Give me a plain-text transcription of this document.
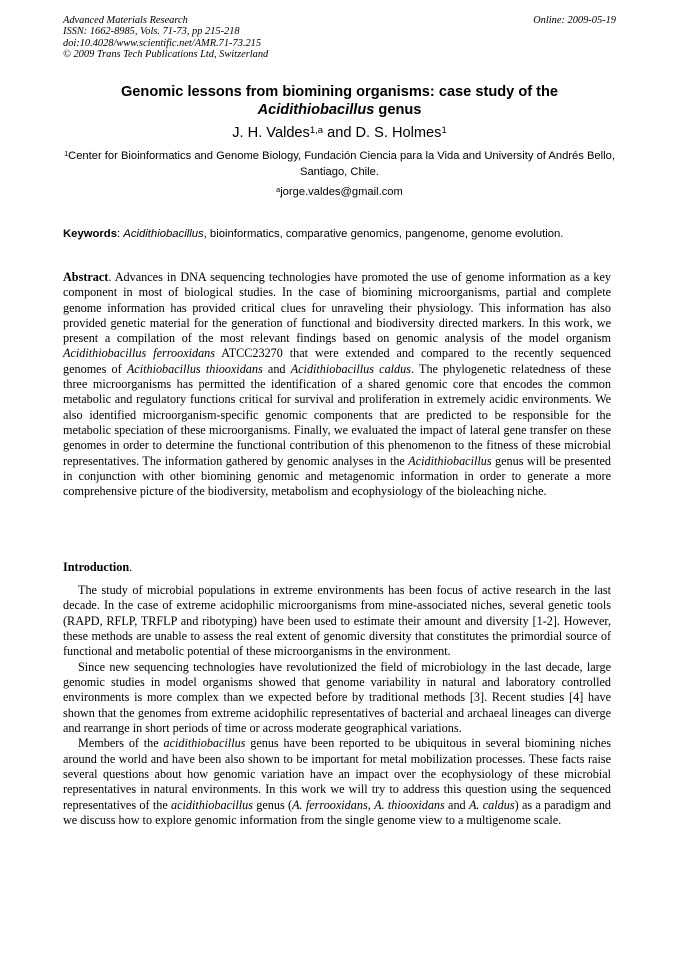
Advanced Materials Research
ISSN: 1662-8985, Vols. 71-73, pp 215-218
doi:10.4028/www.scientific.net/AMR.71-73.215
© 2009 Trans Tech Publications Ltd, Switzerland
Online: 2009-05-19
Genomic lessons from biomining organisms: case study of the
Acidithiobacillus genus
J. H. Valdes$^{1,a}$ and D. S. Holmes$^1$
$^1$Center for Bioinformatics and Genome Biology, Fundación Ciencia para la Vida and University of Andrés Bello, Santiago, Chile.
$^a$jorge.valdes@gmail.com
Keywords: Acidithiobacillus, bioinformatics, comparative genomics, pangenome, genome evolution.
Abstract. Advances in DNA sequencing technologies have promoted the use of genome information as a key component in most of biological studies. In the case of biomining microorganisms, partial and complete genome information has provided critical clues for unraveling their physiology. This information has also provided genetic material for the generation of functional and biodiversity directed markers. In this work, we present a compilation of the most relevant findings based on genomic analysis of the model organism Acidithiobacillus ferrooxidans ATCC23270 that were extended and compared to the recently sequenced genomes of Acithiobacillus thiooxidans and Acidithiobacillus caldus. The phylogenetic relatedness of these three microorganisms has permitted the identification of a shared genomic core that encodes the common metabolic and regulatory functions critical for survival and proliferation in extremely acidic environments. We also identified microorganism-specific genomic components that are predicted to be responsible for the metabolic speciation of these microorganisms. Finally, we evaluated the impact of lateral gene transfer on these genomes in order to determine the functional contribution of this phenomenon to the fitness of these microbial representatives. The information gathered by genomic analyses in the Acidithiobacillus genus will be presented in conjunction with other biomining genomic and metagenomic information in order to generate a more comprehensive picture of the biodiversity, metabolism and ecophysiology of the bioleaching niche.
Introduction.

The study of microbial populations in extreme environments has been focus of active research in the last decade. In the case of extreme acidophilic microorganisms from mine-associated niches, several genetic tools (RAPD, RFLP, TRFLP and ribotyping) have been used to estimate their amount and diversity [1-2]. However, these methods are unable to assess the real extent of genomic diversity that constitutes the primordial source of functional and metabolic potential of these microorganisms in the environment.

Since new sequencing technologies have revolutionized the field of microbiology in the last decade, large genomic studies in model organisms showed that genome variability in natural and laboratory controlled environments is more complex than we expected before by traditional methods [3]. Recent studies [4] have shown that the genomes from extreme acidophilic representatives of bacterial and archaeal lineages can diverge and rearrange in short periods of time or across moderate geographical variations.

Members of the acidithiobacillus genus have been reported to be ubiquitous in several biomining niches around the world and have been also shown to be important for metal mobilization processes. These facts raise several questions about how genomic variation have an impact over the ecophysiology of these microbial representatives in natural environments. In this work we will try to address this question using the sequenced representatives of the acidithiobacillus genus (A. ferrooxidans, A. thiooxidans and A. caldus) as a paradigm and we discuss how to explore genomic information from the single genome view to a multigenome scale.
